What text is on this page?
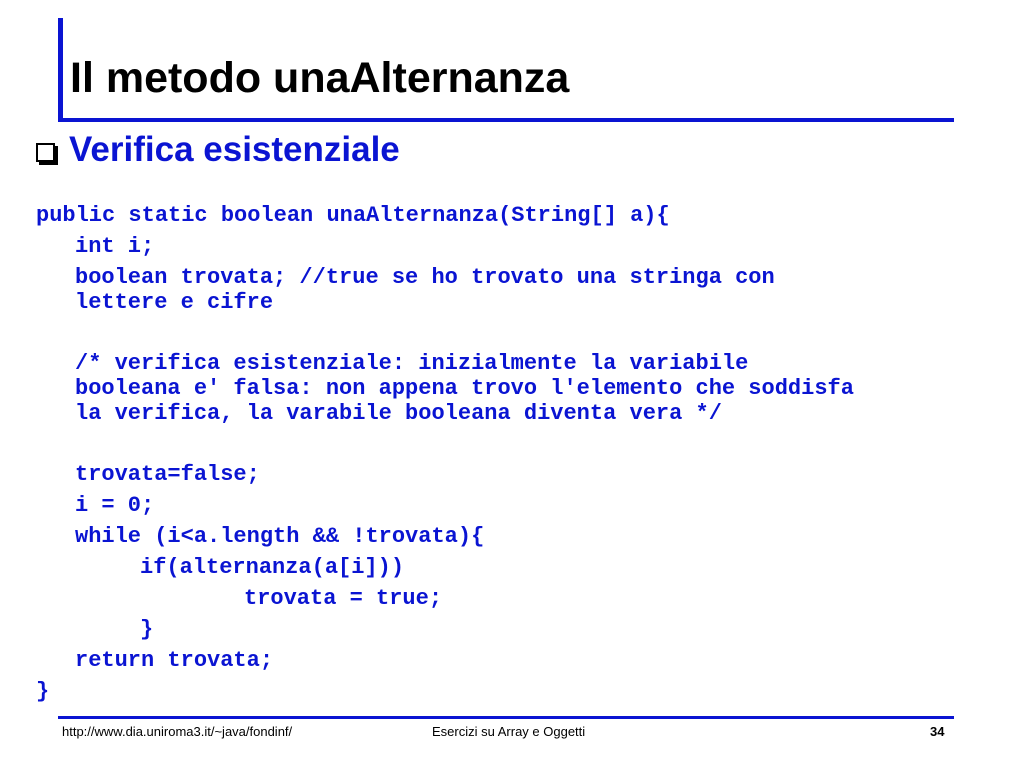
Il metodo unaAlternanza
Verifica esistenziale
public static boolean unaAlternanza(String[] a){
int i;
boolean trovata; //true se ho trovato una stringa con
lettere e cifre
/* verifica esistenziale: inizialmente la variabile
booleana e' falsa: non appena trovo l'elemento che soddisfa
la verifica, la varabile booleana diventa vera */
trovata=false;
i = 0;
while (i<a.length && !trovata){
if(alternanza(a[i]))
trovata = true;
}
return trovata;
}
http://www.dia.uniroma3.it/~java/fondinf/	Esercizi su Array e Oggetti	34
